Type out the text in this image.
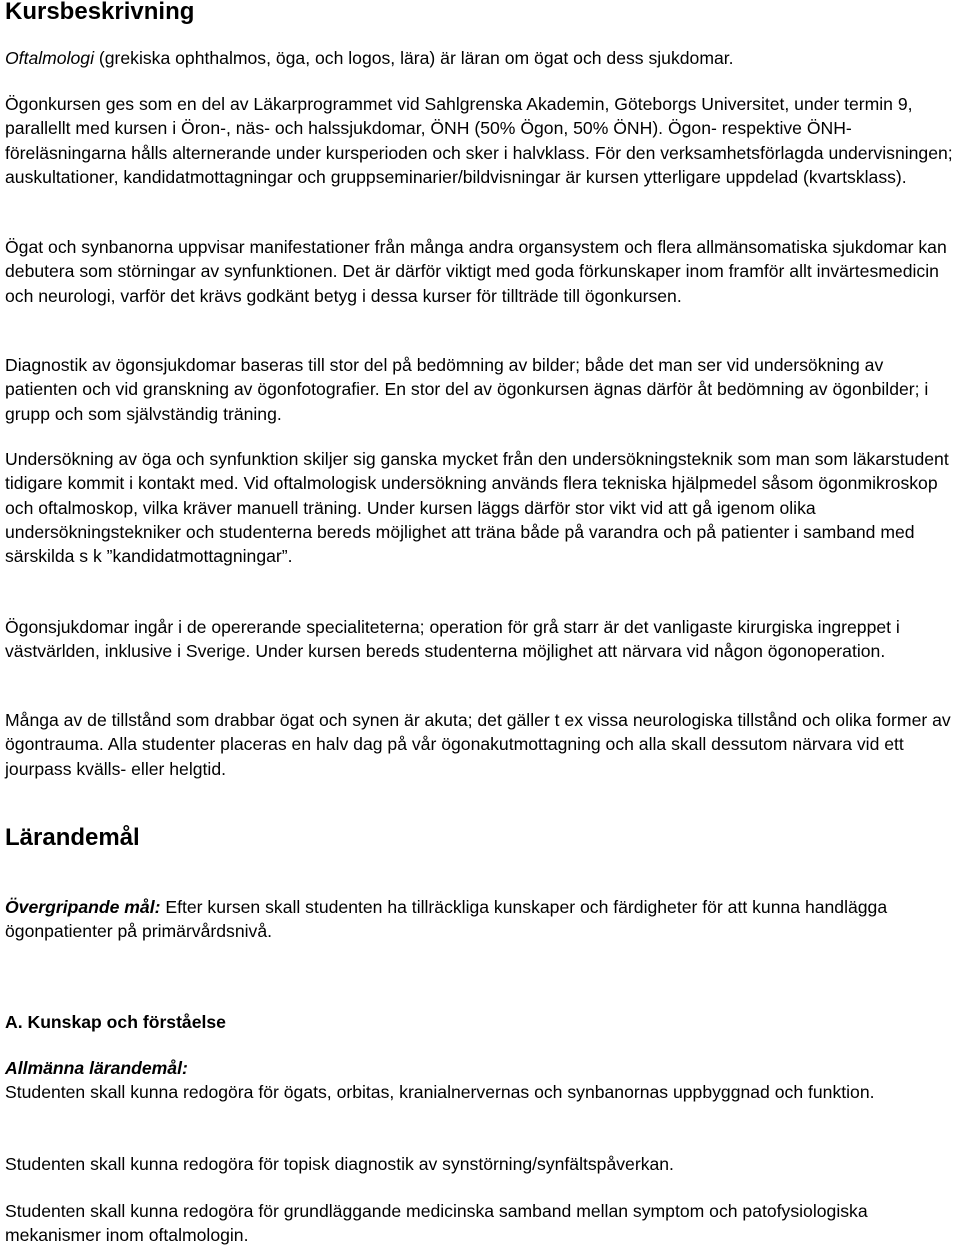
Kursbeskrivning

Oftalmologi (grekiska ophthalmos, öga, och logos, lära) är läran om ögat och dess sjukdomar.

Ögonkursen ges som en del av Läkarprogrammet vid Sahlgrenska Akademin, Göteborgs Universitet, under termin 9, parallellt med kursen i Öron-, näs- och halssjukdomar, ÖNH (50% Ögon, 50% ÖNH). Ögon- respektive ÖNH-föreläsningarna hålls alternerande under kursperioden och sker i halvklass. För den verksamhetsförlagda undervisningen; auskultationer, kandidatmottagningar och gruppseminarier/bildvisningar är kursen ytterligare uppdelad (kvartsklass).

Ögat och synbanorna uppvisar manifestationer från många andra organsystem och flera allmänsomatiska sjukdomar kan debutera som störningar av synfunktionen. Det är därför viktigt med goda förkunskaper inom framför allt invärtesmedicin och neurologi, varför det krävs godkänt betyg i dessa kurser för tillträde till ögonkursen.

Diagnostik av ögonsjukdomar baseras till stor del på bedömning av bilder; både det man ser vid undersökning av patienten och vid granskning av ögonfotografier. En stor del av ögonkursen ägnas därför åt bedömning av ögonbilder; i grupp och som självständig träning.

Undersökning av öga och synfunktion skiljer sig ganska mycket från den undersökningsteknik som man som läkarstudent tidigare kommit i kontakt med. Vid oftalmologisk undersökning används flera tekniska hjälpmedel såsom ögonmikroskop och oftalmoskop, vilka kräver manuell träning. Under kursen läggs därför stor vikt vid att gå igenom olika undersökningstekniker och studenterna bereds möjlighet att träna både på varandra och på patienter i samband med särskilda s k ”kandidatmottagningar”.

Ögonsjukdomar ingår i de opererande specialiteterna; operation för grå starr är det vanligaste kirurgiska ingreppet i västvärlden, inklusive i Sverige. Under kursen bereds studenterna möjlighet att närvara vid någon ögonoperation.

Många av de tillstånd som drabbar ögat och synen är akuta; det gäller t ex vissa neurologiska tillstånd och olika former av ögontrauma. Alla studenter placeras en halv dag på vår ögonakutmottagning och alla skall dessutom närvara vid ett jourpass kvälls- eller helgtid.

Lärandemål

Övergripande mål: Efter kursen skall studenten ha tillräckliga kunskaper och färdigheter för att kunna handlägga ögonpatienter på primärvårdsnivå.

A. Kunskap och förståelse
Allmänna lärandemål:

Studenten skall kunna redogöra för ögats, orbitas, kranialnervernas och synbanornas uppbyggnad och funktion.

Studenten skall kunna redogöra för topisk diagnostik av synstörning/synfältspåverkan.

Studenten skall kunna redogöra för grundläggande medicinska samband mellan symptom och patofysiologiska mekanismer inom oftalmologin.
